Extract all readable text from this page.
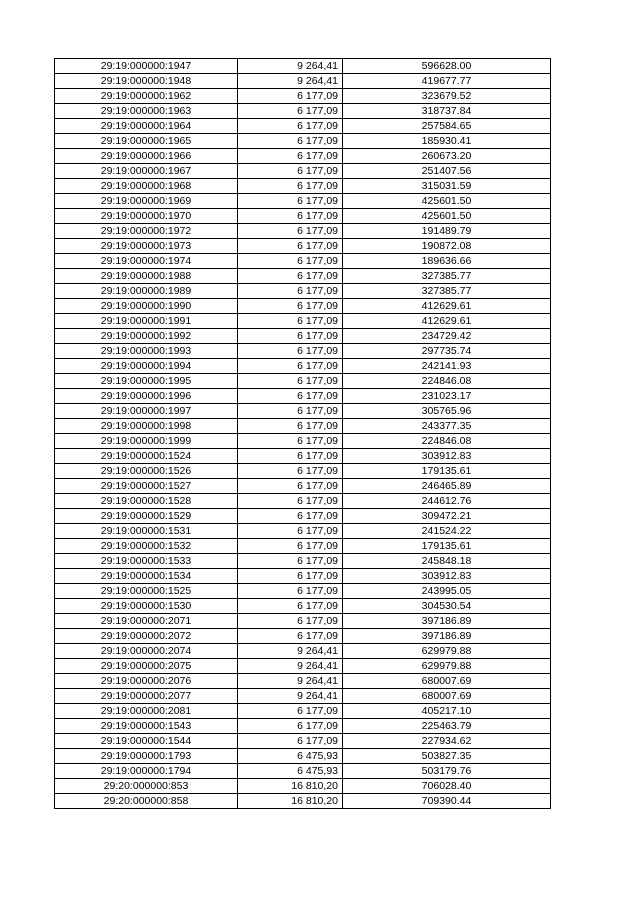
29:19:000000:1947	9 264,41	596628.00
29:19:000000:1948	9 264,41	419677.77
29:19:000000:1962	6 177,09	323679.52
29:19:000000:1963	6 177,09	318737.84
29:19:000000:1964	6 177,09	257584.65
29:19:000000:1965	6 177,09	185930.41
29:19:000000:1966	6 177,09	260673.20
29:19:000000:1967	6 177,09	251407.56
29:19:000000:1968	6 177,09	315031.59
29:19:000000:1969	6 177,09	425601.50
29:19:000000:1970	6 177,09	425601.50
29:19:000000:1972	6 177,09	191489.79
29:19:000000:1973	6 177,09	190872.08
29:19:000000:1974	6 177,09	189636.66
29:19:000000:1988	6 177,09	327385.77
29:19:000000:1989	6 177,09	327385.77
29:19:000000:1990	6 177,09	412629.61
29:19:000000:1991	6 177,09	412629.61
29:19:000000:1992	6 177,09	234729.42
29:19:000000:1993	6 177,09	297735.74
29:19:000000:1994	6 177,09	242141.93
29:19:000000:1995	6 177,09	224846.08
29:19:000000:1996	6 177,09	231023.17
29:19:000000:1997	6 177,09	305765.96
29:19:000000:1998	6 177,09	243377.35
29:19:000000:1999	6 177,09	224846.08
29:19:000000:1524	6 177,09	303912.83
29:19:000000:1526	6 177,09	179135.61
29:19:000000:1527	6 177,09	246465.89
29:19:000000:1528	6 177,09	244612.76
29:19:000000:1529	6 177,09	309472.21
29:19:000000:1531	6 177,09	241524.22
29:19:000000:1532	6 177,09	179135.61
29:19:000000:1533	6 177,09	245848.18
29:19:000000:1534	6 177,09	303912.83
29:19:000000:1525	6 177,09	243995.05
29:19:000000:1530	6 177,09	304530.54
29:19:000000:2071	6 177,09	397186.89
29:19:000000:2072	6 177,09	397186.89
29:19:000000:2074	9 264,41	629979.88
29:19:000000:2075	9 264,41	629979.88
29:19:000000:2076	9 264,41	680007.69
29:19:000000:2077	9 264,41	680007.69
29:19:000000:2081	6 177,09	405217.10
29:19:000000:1543	6 177,09	225463.79
29:19:000000:1544	6 177,09	227934.62
29:19:000000:1793	6 475,93	503827.35
29:19:000000:1794	6 475,93	503179.76
29:20:000000:853	16 810,20	706028.40
29:20:000000:858	16 810,20	709390.44
